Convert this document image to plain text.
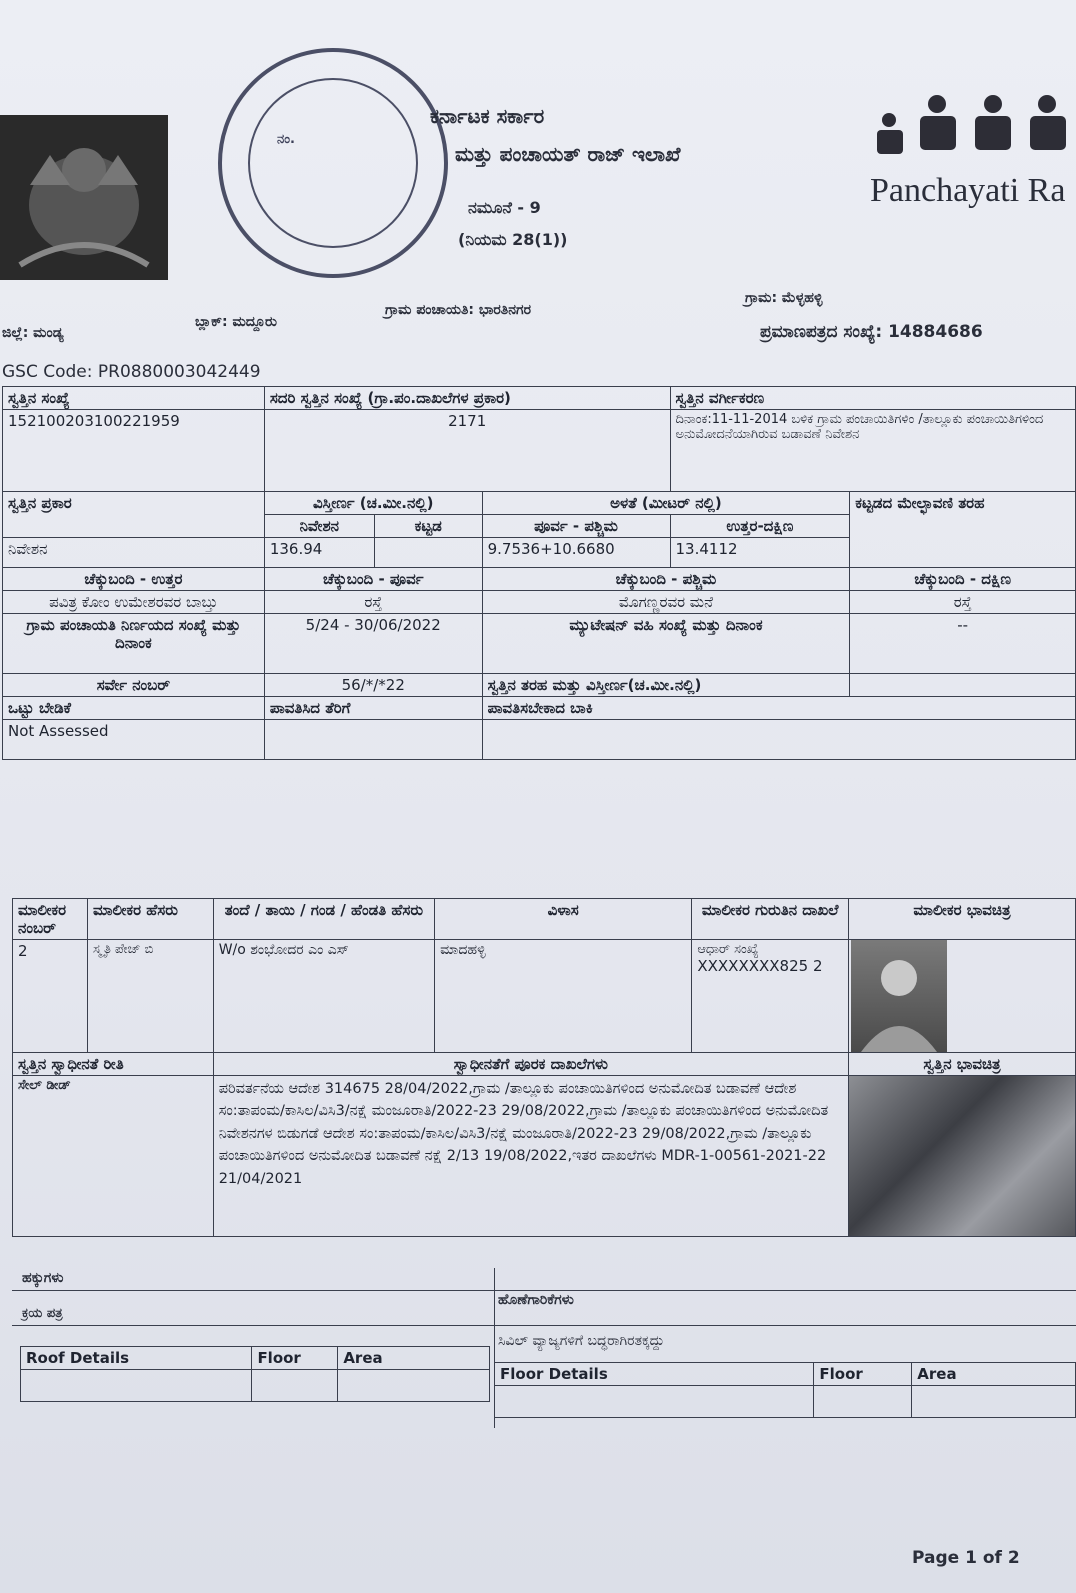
ನಂ.
ಕರ್ನಾಟಕ ಸರ್ಕಾರ
ಮತ್ತು ಪಂಚಾಯತ್ ರಾಜ್ ಇಲಾಖೆ
ನಮೂನೆ - 9
(ನಿಯಮ 28(1))
Panchayati Ra
ಜಿಲ್ಲೆ: ಮಂಡ್ಯ
ಬ್ಲಾಕ್: ಮದ್ದೂರು
ಗ್ರಾಮ ಪಂಚಾಯತಿ: ಭಾರತಿನಗರ
ಗ್ರಾಮ: ಮೆಳ್ಳಹಳ್ಳಿ
ಪ್ರಮಾಣಪತ್ರದ ಸಂಖ್ಯೆ: 14884686
GSC Code: PR0880003042449
ಸ್ವತ್ತಿನ ಸಂಖ್ಯೆ	ಸದರಿ ಸ್ವತ್ತಿನ ಸಂಖ್ಯೆ (ಗ್ರಾ.ಪಂ.ದಾಖಲೆಗಳ ಪ್ರಕಾರ)			ಸ್ವತ್ತಿನ ವರ್ಗೀಕರಣ	
152100203100221959	2171			ದಿನಾಂಕ:11-11-2014 ಬಳಿಕ ಗ್ರಾಮ ಪಂಚಾಯಿತಿಗಳಿಂ /ತಾಲ್ಲೂಕು ಪಂಚಾಯಿತಿಗಳಿಂದ ಅನುಮೋದನೆಯಾಗಿರುವ ಬಡಾವಣೆ ನಿವೇಶನ	
ಸ್ವತ್ತಿನ ಪ್ರಕಾರ	ವಿಸ್ತೀರ್ಣ (ಚ.ಮೀ.ನಲ್ಲಿ)		ಅಳತೆ (ಮೀಟರ್ ನಲ್ಲಿ)		ಕಟ್ಟಡದ ಮೇಲ್ಛಾವಣಿ ತರಹ
	ನಿವೇಶನ	ಕಟ್ಟಡ	ಪೂರ್ವ - ಪಶ್ಚಿಮ	ಉತ್ತರ-ದಕ್ಷಿಣ	
ನಿವೇಶನ	136.94		9.7536+10.6680	13.4112	
ಚೆಕ್ಕುಬಂದಿ - ಉತ್ತರ	ಚೆಕ್ಕುಬಂದಿ - ಪೂರ್ವ		ಚೆಕ್ಕುಬಂದಿ - ಪಶ್ಚಿಮ		ಚೆಕ್ಕುಬಂದಿ - ದಕ್ಷಿಣ
ಪವಿತ್ರ ಕೋಂ ಉಮೇಶರವರ ಬಾಬ್ತು	ರಸ್ತೆ		ಮೊಗಣ್ಣರವರ ಮನೆ		ರಸ್ತೆ
ಗ್ರಾಮ ಪಂಚಾಯತಿ ನಿರ್ಣಯದ ಸಂಖ್ಯೆ ಮತ್ತು ದಿನಾಂಕ	5/24 - 30/06/2022		ಮ್ಯುಟೇಷನ್ ವಹಿ ಸಂಖ್ಯೆ ಮತ್ತು ದಿನಾಂಕ		--
ಸರ್ವೇ ನಂಬರ್	56/*/*22		ಸ್ವತ್ತಿನ ತರಹ ಮತ್ತು ವಿಸ್ತೀರ್ಣ(ಚ.ಮೀ.ನಲ್ಲಿ)		
ಒಟ್ಟು ಬೇಡಿಕೆ	ಪಾವತಿಸಿದ ತೆರಿಗೆ		ಪಾವತಿಸಬೇಕಾದ ಬಾಕಿ		
Not Assessed					
ಮಾಲೀಕರ ನಂಬರ್	ಮಾಲೀಕರ ಹೆಸರು	ತಂದೆ / ತಾಯಿ / ಗಂಡ / ಹೆಂಡತಿ ಹೆಸರು	ವಿಳಾಸ	ಮಾಲೀಕರ ಗುರುತಿನ ದಾಖಲೆ	ಮಾಲೀಕರ ಭಾವಚಿತ್ರ
2	ಸ್ಮೃತಿ ಪೇಜ್ ಬಿ	W/o ಶಂಭೋದರ ಎಂ ಎಸ್	ಮಾದಹಳ್ಳಿ	ಆಧಾರ್ ಸಂಖ್ಯೆ
XXXXXXXX825 2

ಸ್ವತ್ತಿನ ಸ್ವಾಧೀನತೆ ರೀತಿ		ಸ್ವಾಧೀನತೆಗೆ ಪೂರಕ ದಾಖಲೆಗಳು			ಸ್ವತ್ತಿನ ಭಾವಚಿತ್ರ
ಸೇಲ್ ಡೀಡ್		ಪರಿವರ್ತನೆಯ ಆದೇಶ 314675 28/04/2022,ಗ್ರಾಮ /ತಾಲ್ಲೂಕು ಪಂಚಾಯಿತಿಗಳಿಂದ ಅನುಮೋದಿತ ಬಡಾವಣೆ ಆದೇಶ ಸಂ:ತಾಪಂಮ/ಕಾಸಿಲ/ವಿಸಿ3/ನಕ್ಷೆ ಮಂಜೂರಾತಿ/2022-23 29/08/2022,ಗ್ರಾಮ /ತಾಲ್ಲೂಕು ಪಂಚಾಯಿತಿಗಳಿಂದ ಅನುಮೋದಿತ ನಿವೇಶನಗಳ ಬಿಡುಗಡೆ ಆದೇಶ ಸಂ:ತಾಪಂಮ/ಕಾಸಿಲ/ವಿಸಿ3/ನಕ್ಷೆ ಮಂಜೂರಾತಿ/2022-23 29/08/2022,ಗ್ರಾಮ /ತಾಲ್ಲೂಕು ಪಂಚಾಯಿತಿಗಳಿಂದ ಅನುಮೋದಿತ ಬಡಾವಣೆ ನಕ್ಷೆ 2/13 19/08/2022,ಇತರ ದಾಖಲೆಗಳು MDR-1-00561-2021-22 21/04/2021			
ಹಕ್ಕುಗಳು
ಕ್ರಯ ಪತ್ರ
ಹೊಣೆಗಾರಿಕೆಗಳು
ಸಿವಿಲ್ ವ್ಯಾಜ್ಯಗಳಿಗೆ ಬದ್ಧರಾಗಿರತಕ್ಕದ್ದು
Roof Details	Floor	Area

Floor Details	Floor	Area

Page 1 of 2
